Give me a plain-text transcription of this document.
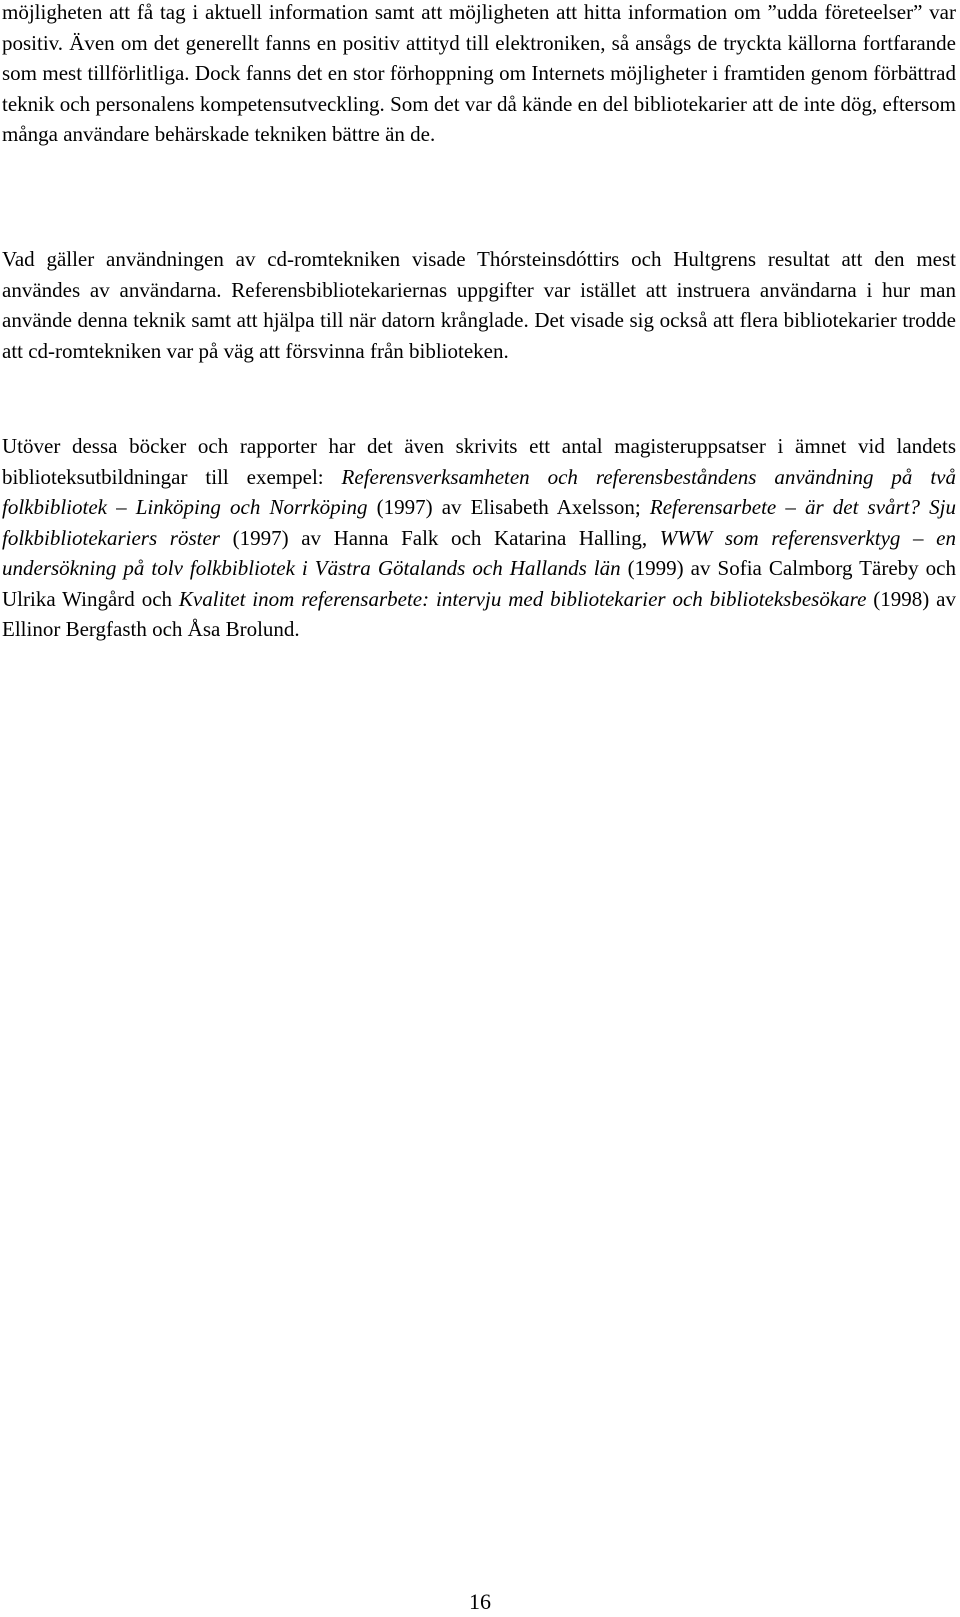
möjligheten att få tag i aktuell information samt att möjligheten att hitta information om ”udda företeelser” var positiv. Även om det generellt fanns en positiv attityd till elektroniken, så ansågs de tryckta källorna fortfarande som mest tillförlitliga. Dock fanns det en stor förhoppning om Internets möjligheter i framtiden genom förbättrad teknik och personalens kompetensutveckling. Som det var då kände en del bibliotekarier att de inte dög, eftersom många användare behärskade tekniken bättre än de.

Vad gäller användningen av cd-romtekniken visade Thórsteinsdóttirs och Hultgrens resultat att den mest användes av användarna. Referensbibliotekariernas uppgifter var istället att instruera användarna i hur man använde denna teknik samt att hjälpa till när datorn krånglade. Det visade sig också att flera bibliotekarier trodde att cd-romtekniken var på väg att försvinna från biblioteken.

Utöver dessa böcker och rapporter har det även skrivits ett antal magisteruppsatser i ämnet vid landets biblioteksutbildningar till exempel: Referensverksamheten och referensbeståndens användning på två folkbibliotek – Linköping och Norrköping (1997) av Elisabeth Axelsson; Referensarbete – är det svårt? Sju folkbibliotekariers röster (1997) av Hanna Falk och Katarina Halling, WWW som referensverktyg – en undersökning på tolv folkbibliotek i Västra Götalands och Hallands län (1999) av Sofia Calmborg Täreby och Ulrika Wingård och Kvalitet inom referensarbete: intervju med bibliotekarier och biblioteksbesökare (1998) av Ellinor Bergfasth och Åsa Brolund.

16
